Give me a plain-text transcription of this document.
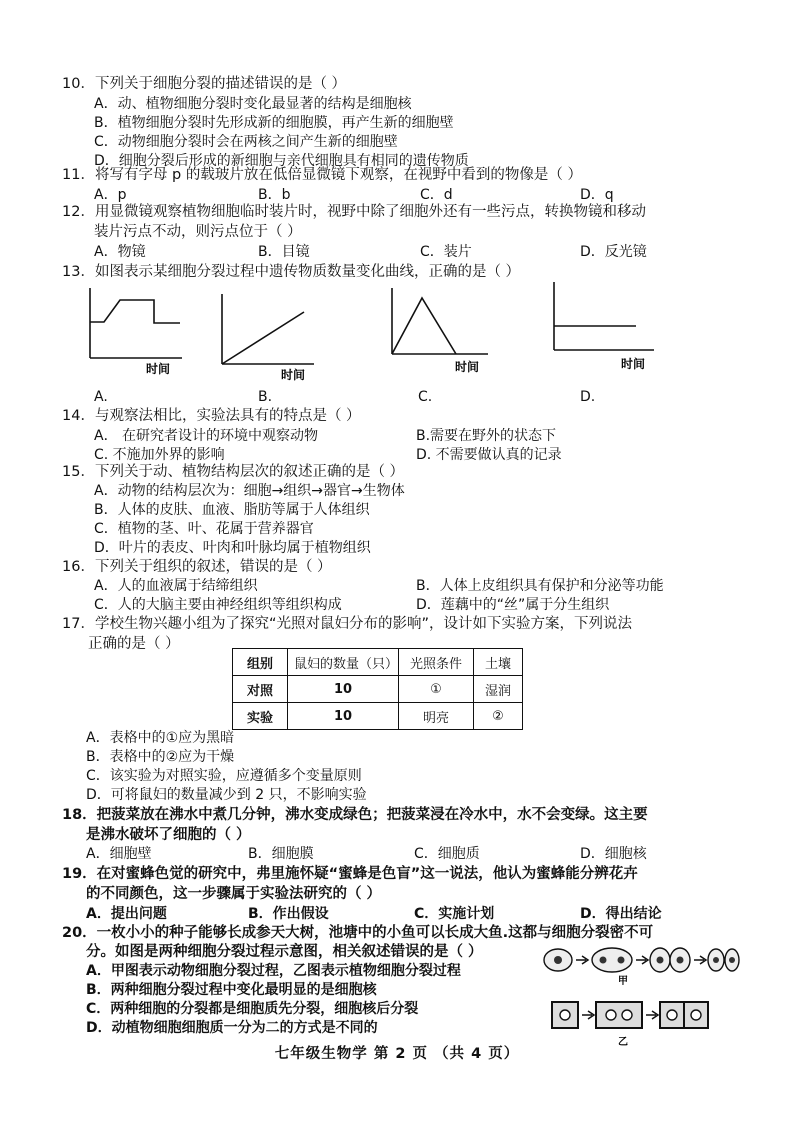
10．下列关于细胞分裂的描述错误的是（ ）
A．动、植物细胞分裂时变化最显著的结构是细胞核
B．植物细胞分裂时先形成新的细胞膜，再产生新的细胞壁
C．动物细胞分裂时会在两核之间产生新的细胞壁
D．细胞分裂后形成的新细胞与亲代细胞具有相同的遗传物质
11．将写有字母 p 的载玻片放在低倍显微镜下观察，在视野中看到的物像是（ ）
A．p	B．b	C．d	D．q
12．用显微镜观察植物细胞临时装片时，视野中除了细胞外还有一些污点，转换物镜和移动
装片污点不动，则污点位于（ ）
A．物镜	B．目镜	C．装片	D．反光镜
13．如图表示某细胞分裂过程中遗传物质数量变化曲线，正确的是（ ）
时间	时间
时间	时间
A.	B.	C.	D.
14．与观察法相比，实验法具有的特点是（ ）
A． 在研究者设计的环境中观察动物	B.需要在野外的状态下
C. 不施加外界的影响	D. 不需要做认真的记录
15．下列关于动、植物结构层次的叙述正确的是（ ）
A．动物的结构层次为：细胞→组织→器官→生物体
B．人体的皮肤、血液、脂肪等属于人体组织
C．植物的茎、叶、花属于营养器官
D．叶片的表皮、叶肉和叶脉均属于植物组织
16．下列关于组织的叙述，错误的是（ ）
A．人的血液属于结缔组织	B．人体上皮组织具有保护和分泌等功能
C．人的大脑主要由神经组织等组织构成	D．莲藕中的“丝”属于分生组织
17．学校生物兴趣小组为了探究“光照对鼠妇分布的影响”，设计如下实验方案，下列说法
正确的是（ ）
组别	鼠妇的数量（只）	光照条件	土壤
对照	10	①	湿润
实验	10	明亮	②
A．表格中的①应为黑暗
B．表格中的②应为干燥
C．该实验为对照实验，应遵循多个变量原则
D．可将鼠妇的数量减少到 2 只，不影响实验
18．把菠菜放在沸水中煮几分钟，沸水变成绿色；把菠菜浸在冷水中，水不会变绿。这主要
是沸水破坏了细胞的（ ）
A．细胞壁	B．细胞膜	C．细胞质	D．细胞核
19．在对蜜蜂色觉的研究中，弗里施怀疑“蜜蜂是色盲”这一说法，他认为蜜蜂能分辨花卉
的不同颜色，这一步骤属于实验法研究的（ ）
A．提出问题	B．作出假设	C．实施计划	D．得出结论
20．一枚小小的种子能够长成参天大树，池塘中的小鱼可以长成大鱼.这都与细胞分裂密不可
分。如图是两种细胞分裂过程示意图，相关叙述错误的是（ ）
A．甲图表示动物细胞分裂过程，乙图表示植物细胞分裂过程
B．两种细胞分裂过程中变化最明显的是细胞核
C．两种细胞的分裂都是细胞质先分裂，细胞核后分裂
D．动植物细胞细胞质一分为二的方式是不同的
甲
乙
七年级生物学 第 2 页 （共 4 页）
